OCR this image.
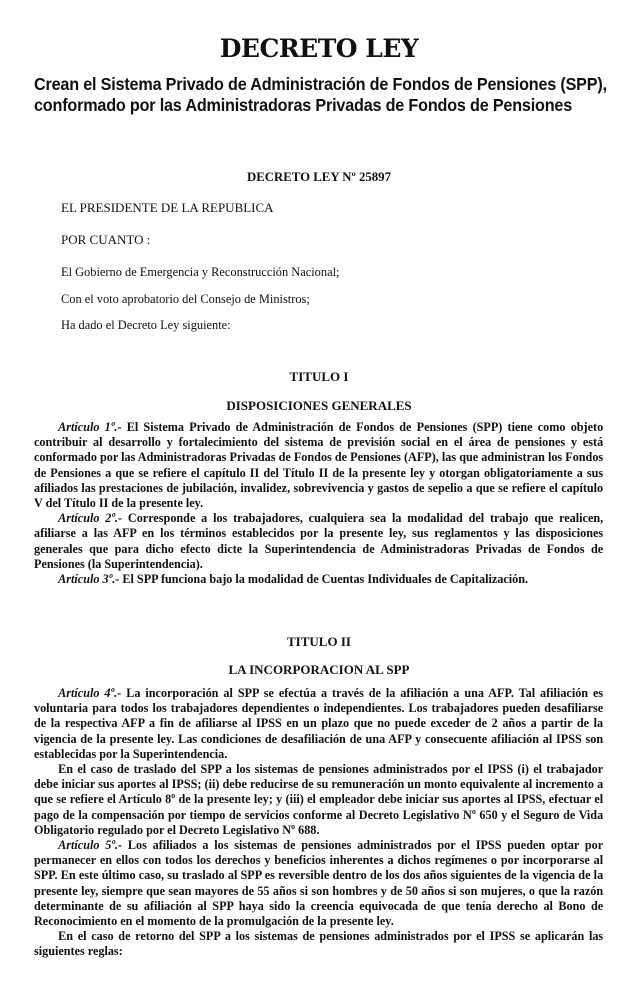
DECRETO LEY
Crean el Sistema Privado de Administración de Fondos de Pensiones (SPP),
conformado por las Administradoras Privadas de Fondos de Pensiones
DECRETO LEY Nº 25897
EL PRESIDENTE DE LA REPUBLICA
POR CUANTO :
El Gobierno de Emergencia y Reconstrucción Nacional;
Con el voto aprobatorio del Consejo de Ministros;
Ha dado el Decreto Ley siguiente:
TITULO I
DISPOSICIONES GENERALES

Artículo 1º.- El Sistema Privado de Administración de Fondos de Pensiones (SPP) tiene como objeto contribuir al desarrollo y fortalecimiento del sistema de previsión social en el área de pensiones y está conformado por las Administradoras Privadas de Fondos de Pensiones (AFP), las que administran los Fondos de Pensiones a que se refiere el capítulo II del Título II de la presente ley y otorgan obligatoriamente a sus afiliados las prestaciones de jubilación, invalidez, sobrevivencia y gastos de sepelio a que se refiere el capítulo V del Título II de la presente ley.

Artículo 2º.- Corresponde a los trabajadores, cualquiera sea la modalidad del trabajo que realicen, afiliarse a las AFP en los términos establecidos por la presente ley, sus reglamentos y las disposiciones generales que para dicho efecto dicte la Superintendencia de Administradoras Privadas de Fondos de Pensiones (la Superintendencia).

Artículo 3º.- El SPP funciona bajo la modalidad de Cuentas Individuales de Capitalización.

TITULO II
LA INCORPORACION AL SPP

Artículo 4º.- La incorporación al SPP se efectúa a través de la afiliación a una AFP. Tal afiliación es voluntaria para todos los trabajadores dependientes o independientes. Los trabajadores pueden desafiliarse de la respectiva AFP a fin de afiliarse al IPSS en un plazo que no puede exceder de 2 años a partir de la vigencia de la presente ley. Las condiciones de desafiliación de una AFP y consecuente afiliación al IPSS son establecidas por la Superintendencia.

En el caso de traslado del SPP a los sistemas de pensiones administrados por el IPSS (i) el trabajador debe iniciar sus aportes al IPSS; (ii) debe reducirse de su remuneración un monto equivalente al incremento a que se refiere el Artículo 8º de la presente ley; y (iii) el empleador debe iniciar sus aportes al IPSS, efectuar el pago de la compensación por tiempo de servicios conforme al Decreto Legislativo Nº 650 y el Seguro de Vida Obligatorio regulado por el Decreto Legislativo Nº 688.

Artículo 5º.- Los afiliados a los sistemas de pensiones administrados por el IPSS pueden optar por permanecer en ellos con todos los derechos y beneficios inherentes a dichos regímenes o por incorporarse al SPP. En este último caso, su traslado al SPP es reversible dentro de los dos años siguientes de la vigencia de la presente ley, siempre que sean mayores de 55 años si son hombres y de 50 años si son mujeres, o que la razón determinante de su afiliación al SPP haya sido la creencia equivocada de que tenía derecho al Bono de Reconocimiento en el momento de la promulgación de la presente ley.

En el caso de retorno del SPP a los sistemas de pensiones administrados por el IPSS se aplicarán las siguientes reglas:
